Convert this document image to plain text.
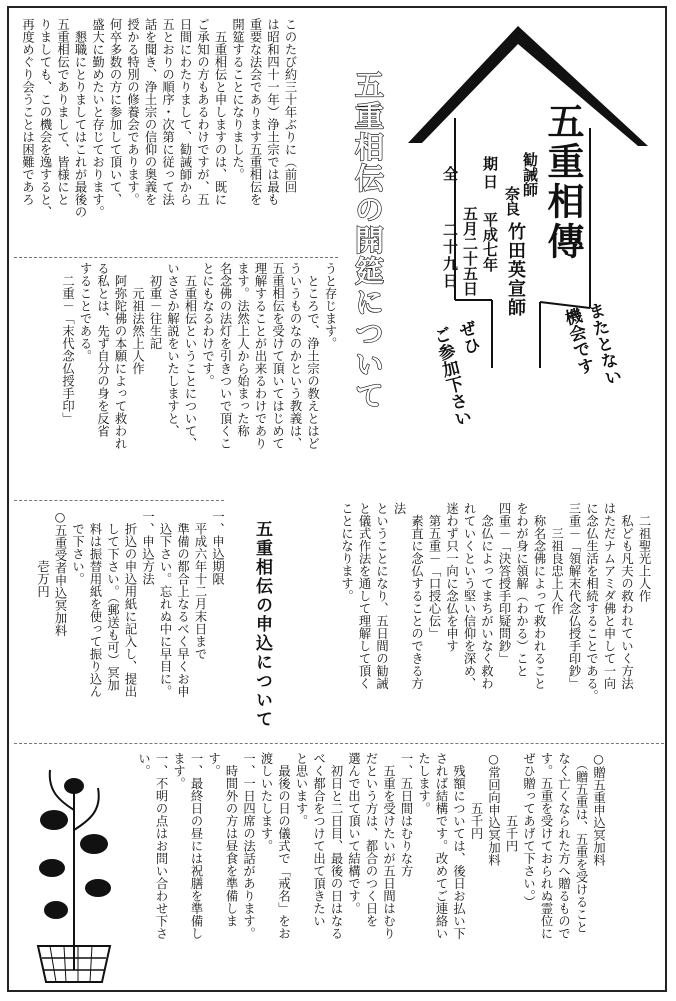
五重相傳
勧誡師
奈良
竹田英宣師
期日
平成七年
五月二十五日
全
二十九日
またとない
機会です
ぜひ
ご参加下さい
五重相伝の開筵について
このたび約三十年ぶりに（前回
は昭和四十一年）浄土宗では最も
重要な法会であります五重相伝を
開筵することになりました。
　五重相伝と申しますのは、既に
ご承知の方もあるわけですが、五
日間にわたりまして、勧誡師から
五とおりの順序・次第に従って法
話を聞き、浄土宗の信仰の奥義を
授かる特別の修養会であります。
何卒多数の方に参加して頂いて、
盛大に勤めたいと存じております。
　懇職にとりましてはこれが最後の
五重相伝でありまして、皆様にと
りましても、この機会を逸すると、
再度めぐり会うことは困難であろ
うと存じます。
　ところで、浄土宗の教えとはど
ういうものなのかという教義は、
五重相伝を受けて頂いてはじめて
理解することが出来るわけであり
ます。法然上人から始まった称
名念佛の法灯を引きついで頂くこ
とにもなるわけです。
　五重相伝ということについて、
いささか解説をいたしますと、
　初重－往生記
　　元祖法然上人作
　阿弥陀佛の本願によって救われ
る私とは、先ず自分の身を反省
することである。
　二重－「末代念仏授手印」
　二祖聖光上人作
　私ども凡夫の救われていく方法
はただナムアミダ佛と申して一向
に念仏生活を相続することである。
三重－「領解末代念仏授手印鈔」
　　三祖良忠上人作
　称名念佛によって救われること
をわが身に領解（わかる）こと
四重－「決答授手印疑問鈔」
　念仏によってまちがいなく救わ
れていくという堅い信仰を深め、
迷わず只一向に念仏を申す
　第五重－「口授心伝」
　素直に念仏することのできる方
法
ということになり、五日間の勧誡
と儀式作法を通して理解して頂く
ことになります。
五重相伝の申込について
一、申込期限
　平成六年十二月末日まで
　準備の都合上なるべく早くお申
　込下さい。忘れぬ中に早目に。
一、申込方法
　折込の申込用紙に記入し、提出
　して下さい。（郵送も可）冥加
　料は振替用紙を使って振り込ん
　で下さい。
○五重受者申込冥加料
　　　　壱万円
○贈五重申込冥加料
　（贈五重は、五重を受けること
なく亡くなられた方へ贈るもので
す。五重を受けておられぬ霊位に
ぜひ贈ってあげて下さい。）
　　　　　五千円
○常回向申込冥加料
　　　　五千円
　残額については、後日お払い下
されば結構です。改めてご連絡い
たします。
一、五日間はむりな方
　五重を受けたいが五日間はむり
だという方は、都合のつく日を
選んで出て頂いて結構です。
　初日と二日目、最後の日はなる
べく都合をつけて出て頂きたい
と思います。
　最後の日の儀式で「戒名」をお
渡しいたします。
一、一日四席の法話があります。
　時間外の方は昼食を準備しま
す。
一、最終日の昼には祝膳を準備し
ます。
一、不明の点はお問い合わせ下さ
い。
